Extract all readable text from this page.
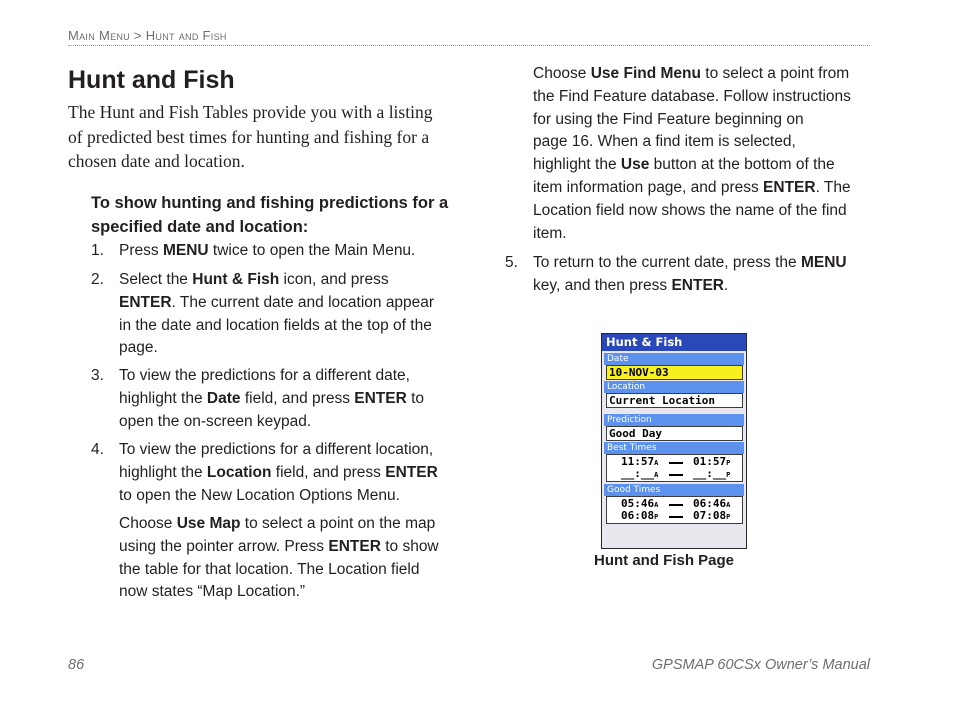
Main Menu > Hunt and Fish
Hunt and Fish

The Hunt and Fish Tables provide you with a listing of predicted best times for hunting and fishing for a chosen date and location.

To show hunting and fishing predictions for a specified date and location:

1. Press MENU twice to open the Main Menu.
2. Select the Hunt & Fish icon, and press
ENTER. The current date and location appear
in the date and location fields at the top of the
page.
3. To view the predictions for a different date,
highlight the Date field, and press ENTER to
open the on-screen keypad.
4. To view the predictions for a different location,
highlight the Location field, and press ENTER
to open the New Location Options Menu.
Choose Use Map to select a point on the map
using the pointer arrow. Press ENTER to show
the table for that location. The Location field
now states “Map Location.”
Choose Use Find Menu to select a point from
the Find Feature database. Follow instructions
for using the Find Feature beginning on
page 16. When a find item is selected,
highlight the Use button at the bottom of the
item information page, and press ENTER. The
Location field now shows the name of the find
item.
5. To return to the current date, press the MENU
key, and then press ENTER.
Hunt & Fish
Date
10-NOV-03
Location
Current Location
Prediction
Good Day
Best Times
11:57A	01:57P
__:__A	__:__P
Good Times
05:46A	06:46A
06:08P	07:08P

Hunt and Fish Page

86	GPSMAP 60CSx Owner’s Manual
